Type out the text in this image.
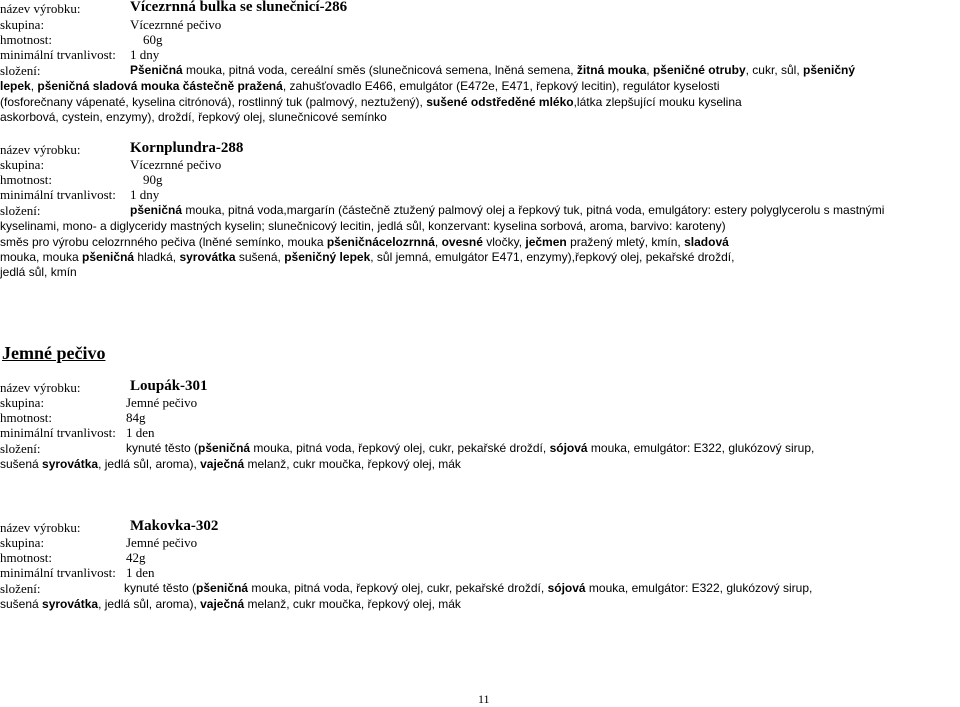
název výrobku:	Vícezrnná bulka se slunečnicí-286
skupina:	Vícezrnné pečivo
hmotnost:	60g
minimální trvanlivost: 1 dny
složení:	Pšeničná mouka, pitná voda, cereální směs (slunečnicová semena, lněná semena, žitná mouka, pšeničné otruby, cukr, sůl, pšeničný
lepek, pšeničná sladová mouka částečně pražená, zahušťovadlo E466, emulgátor (E472e, E471, řepkový lecitin), regulátor kyselosti
(fosforečnany vápenaté, kyselina citrónová), rostlinný tuk (palmový, neztužený), sušené odstředěné mléko,látka zlepšující mouku kyselina
askorbová, cystein, enzymy), droždí, řepkový olej, slunečnicové semínko
název výrobku:	Kornplundra-288
skupina:	Vícezrnné pečivo
hmotnost:	90g
minimální trvanlivost: 1 dny
složení:	pšeničná mouka, pitná voda,margarín (částečně ztužený palmový olej a řepkový tuk, pitná voda, emulgátory: estery polyglycerolu s mastnými
kyselinami, mono- a diglyceridy mastných kyselin; slunečnicový lecitin, jedlá sůl, konzervant: kyselina sorbová, aroma, barvivo: karoteny)
směs pro výrobu celozrnného pečiva (lněné semínko, mouka pšeničnácelozrnná, ovesné vločky, ječmen pražený mletý, kmín, sladová
mouka, mouka pšeničná hladká, syrovátka sušená, pšeničný lepek, sůl jemná, emulgátor E471, enzymy),řepkový olej, pekařské droždí,
jedlá sůl, kmín
Jemné pečivo
název výrobku:	Loupák-301
skupina:	Jemné pečivo
hmotnost:	84g
minimální trvanlivost: 1 den
složení:	kynuté těsto (pšeničná mouka, pitná voda, řepkový olej, cukr, pekařské droždí, sójová mouka, emulgátor: E322, glukózový sirup,
sušená syrovátka, jedlá sůl, aroma), vaječná melanž, cukr moučka, řepkový olej, mák
název výrobku:	Makovka-302
skupina:	Jemné pečivo
hmotnost:	42g
minimální trvanlivost: 1 den
složení:	kynuté těsto (pšeničná mouka, pitná voda, řepkový olej, cukr, pekařské droždí, sójová mouka, emulgátor: E322, glukózový sirup,
sušená syrovátka, jedlá sůl, aroma), vaječná melanž, cukr moučka, řepkový olej, mák
11
